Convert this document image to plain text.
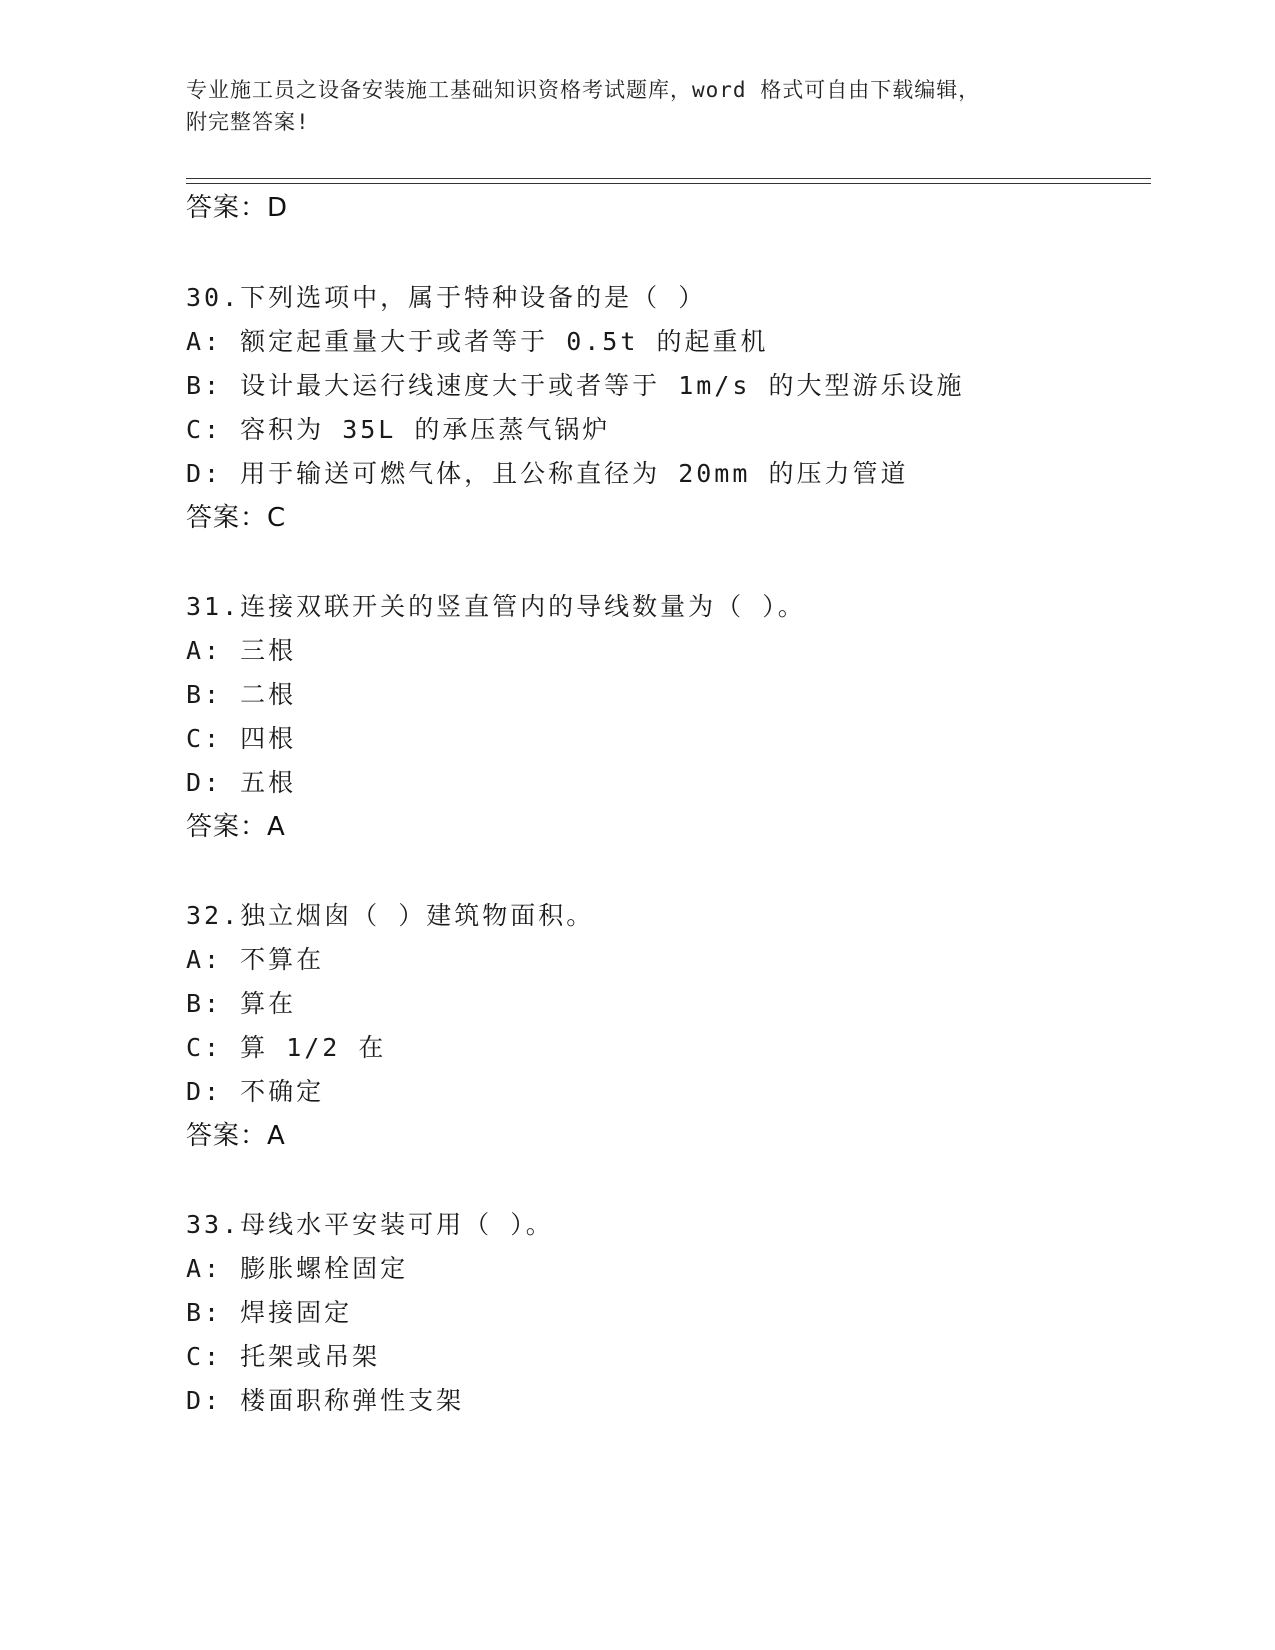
专业施工员之设备安装施工基础知识资格考试题库，word 格式可自由下载编辑，
附完整答案!
答案：D
30.下列选项中，属于特种设备的是（ ）
A: 额定起重量大于或者等于 0.5t 的起重机
B: 设计最大运行线速度大于或者等于 1m/s 的大型游乐设施
C: 容积为 35L 的承压蒸气锅炉
D: 用于输送可燃气体，且公称直径为 20mm 的压力管道
答案：C
31.连接双联开关的竖直管内的导线数量为（ ）。
A: 三根
B: 二根
C: 四根
D: 五根
答案：A
32.独立烟囱（ ）建筑物面积。
A: 不算在
B: 算在
C: 算 1/2 在
D: 不确定
答案：A
33.母线水平安装可用（ ）。
A: 膨胀螺栓固定
B: 焊接固定
C: 托架或吊架
D: 楼面职称弹性支架
